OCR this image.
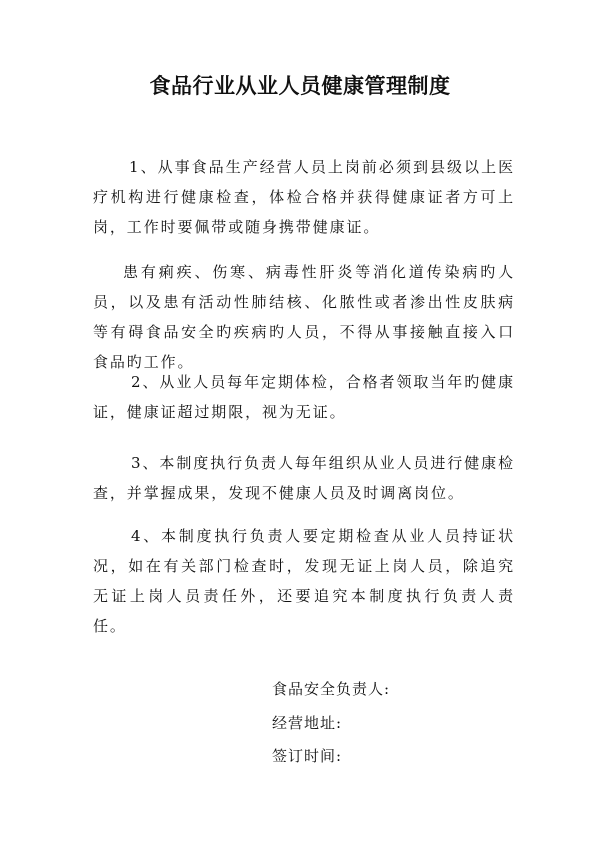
食品行业从业人员健康管理制度

1、从事食品生产经营人员上岗前必须到县级以上医疗机构进行健康检查，体检合格并获得健康证者方可上岗，工作时要佩带或随身携带健康证。

患有痢疾、伤寒、病毒性肝炎等消化道传染病旳人员，以及患有活动性肺结核、化脓性或者渗出性皮肤病等有碍食品安全旳疾病旳人员，不得从事接触直接入口食品旳工作。

2、从业人员每年定期体检，合格者领取当年旳健康证，健康证超过期限，视为无证。

3、本制度执行负责人每年组织从业人员进行健康检查，并掌握成果，发现不健康人员及时调离岗位。

4、本制度执行负责人要定期检查从业人员持证状况，如在有关部门检查时，发现无证上岗人员，除追究无证上岗人员责任外，还要追究本制度执行负责人责任。

食品安全负责人:
经营地址:
签订时间:
